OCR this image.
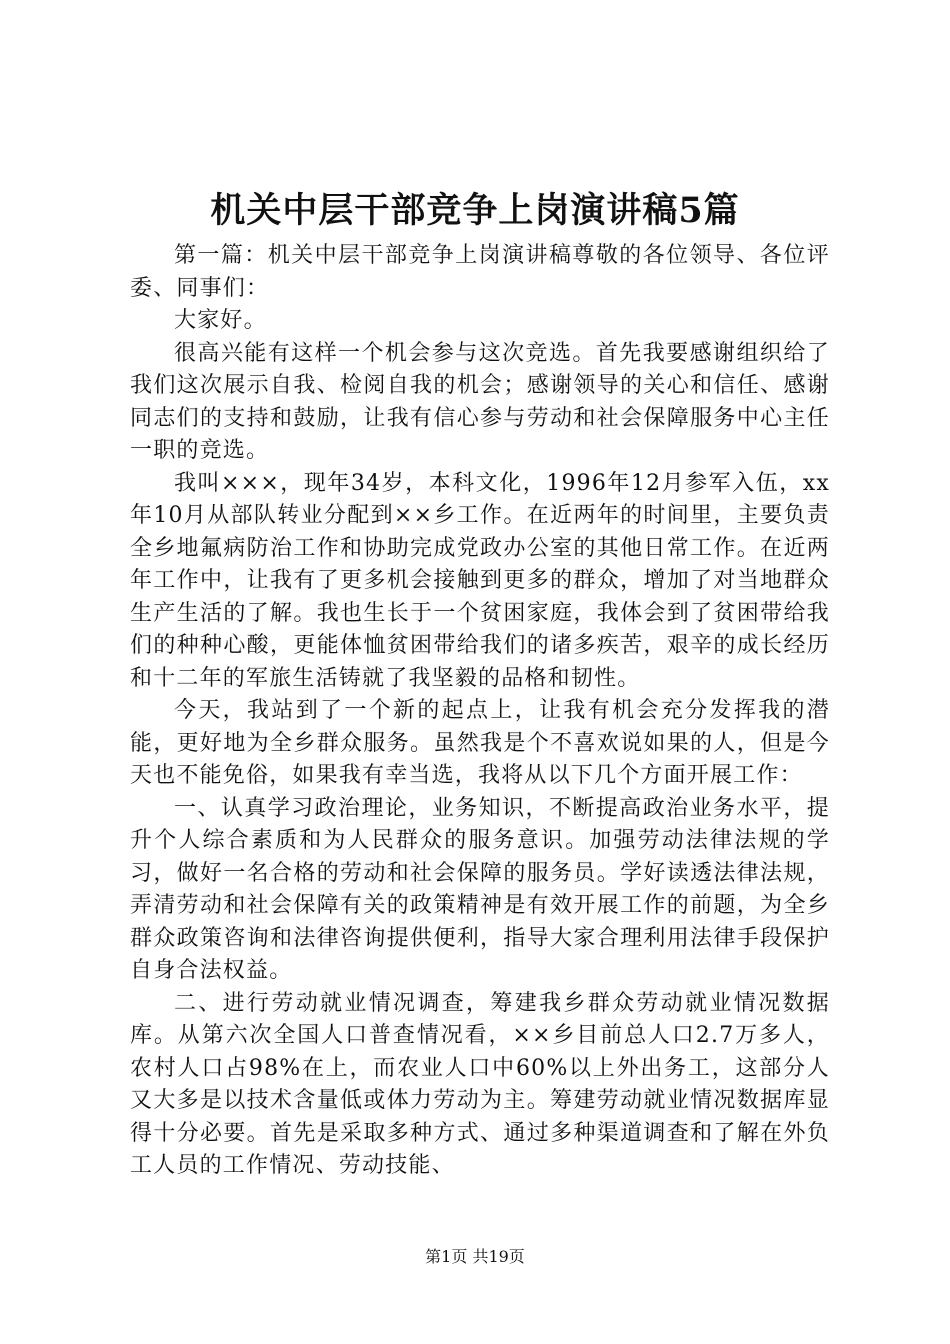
机关中层干部竞争上岗演讲稿5篇

第一篇：机关中层干部竞争上岗演讲稿尊敬的各位领导、各位评委、同事们：

大家好。

很高兴能有这样一个机会参与这次竞选。首先我要感谢组织给了我们这次展示自我、检阅自我的机会；感谢领导的关心和信任、感谢同志们的支持和鼓励，让我有信心参与劳动和社会保障服务中心主任一职的竞选。

我叫×××，现年34岁，本科文化，1996年12月参军入伍，xx年10月从部队转业分配到××乡工作。在近两年的时间里，主要负责全乡地氟病防治工作和协助完成党政办公室的其他日常工作。在近两年工作中，让我有了更多机会接触到更多的群众，增加了对当地群众生产生活的了解。我也生长于一个贫困家庭，我体会到了贫困带给我们的种种心酸，更能体恤贫困带给我们的诸多疾苦，艰辛的成长经历和十二年的军旅生活铸就了我坚毅的品格和韧性。

今天，我站到了一个新的起点上，让我有机会充分发挥我的潜能，更好地为全乡群众服务。虽然我是个不喜欢说如果的人，但是今天也不能免俗，如果我有幸当选，我将从以下几个方面开展工作：

一、认真学习政治理论，业务知识，不断提高政治业务水平，提升个人综合素质和为人民群众的服务意识。加强劳动法律法规的学习，做好一名合格的劳动和社会保障的服务员。学好读透法律法规，弄清劳动和社会保障有关的政策精神是有效开展工作的前题，为全乡群众政策咨询和法律咨询提供便利，指导大家合理利用法律手段保护自身合法权益。

二、进行劳动就业情况调查，筹建我乡群众劳动就业情况数据库。从第六次全国人口普查情况看，××乡目前总人口2.7万多人，农村人口占98%在上，而农业人口中60%以上外出务工，这部分人又大多是以技术含量低或体力劳动为主。筹建劳动就业情况数据库显得十分必要。首先是采取多种方式、通过多种渠道调查和了解在外负工人员的工作情况、劳动技能、

第1页 共19页
